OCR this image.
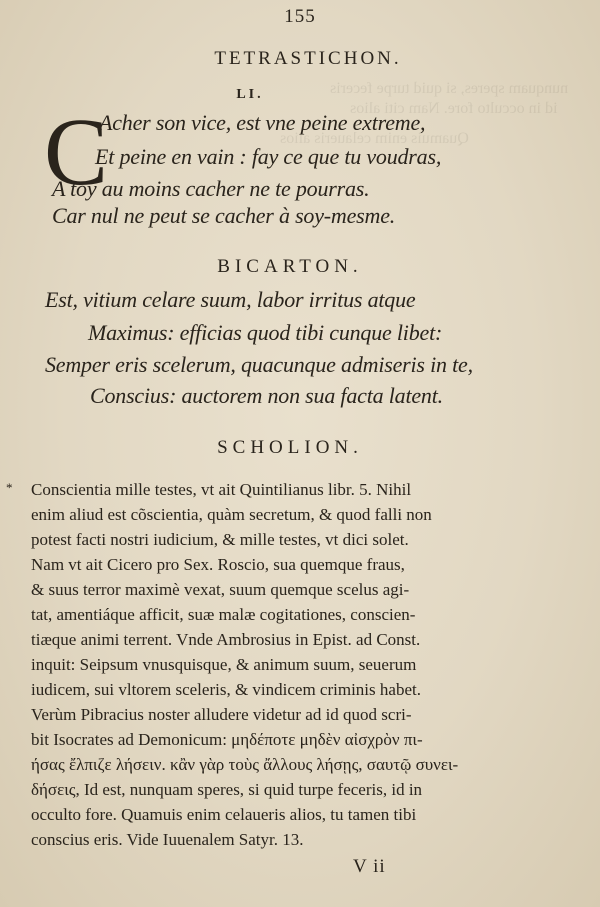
nunquam speres, si quid turpe feceris
id in occulto fore. Nam citi alios
Quamuis enim celaueris alios
155
TETRASTICHON.
LI.
C
Acher son vice, est vne peine extreme,
Et peine en vain : fay ce que tu voudras,
A toy au moins cacher ne te pourras.
Car nul ne peut se cacher à soy-mesme.
BICARTON.
Est, vitium celare suum, labor irritus atque
Maximus: efficias quod tibi cunque libet:
Semper eris scelerum, quacunque admiseris in te,
Conscius: auctorem non sua facta latent.
SCHOLION.
* Conscientia mille testes, vt ait Quintilianus libr. 5. Nihil
enim aliud est cõscientia, quàm secretum, & quod falli non
potest facti nostri iudicium, & mille testes, vt dici solet.
Nam vt ait Cicero pro Sex. Roscio, sua quemque fraus,
& suus terror maximè vexat, suum quemque scelus agi-
tat, amentiáque afficit, suæ malæ cogitationes, conscien-
tiæque animi terrent. Vnde Ambrosius in Epist. ad Const.
inquit: Seipsum vnusquisque, & animum suum, seuerum
iudicem, sui vltorem sceleris, & vindicem criminis habet.
Verùm Pibracius noster alludere videtur ad id quod scri-
bit Isocrates ad Demonicum: μηδέποτε μηδὲν αἰσχρὸν πι-
ήσας ἔλπιζε λήσειν. κἂν γὰρ τοὺς ἄλλους λήσῃς, σαυτῷ συνει-
δήσεις, Id est, nunquam speres, si quid turpe feceris, id in
occulto fore. Quamuis enim celaueris alios, tu tamen tibi
conscius eris. Vide Iuuenalem Satyr. 13.
V ii
